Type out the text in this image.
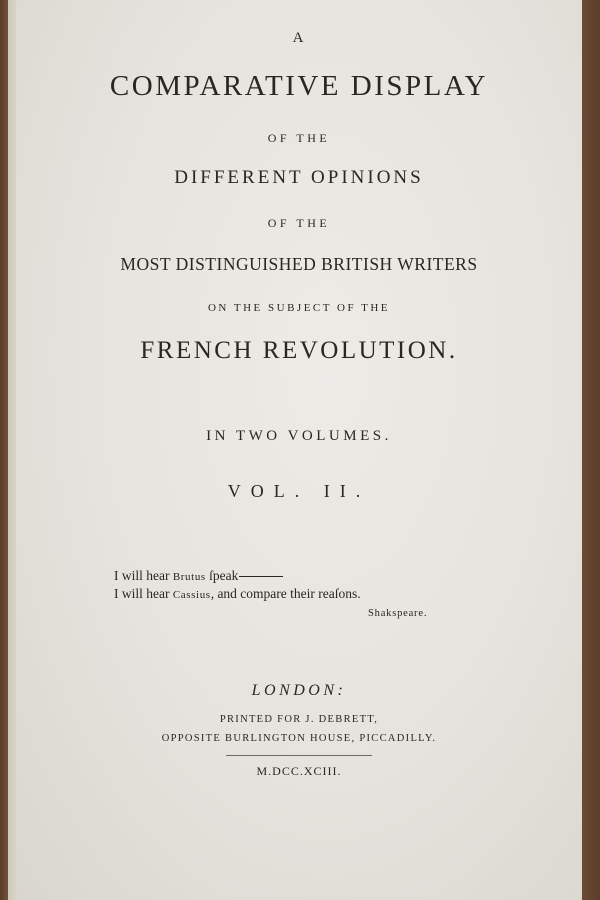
A
COMPARATIVE DISPLAY
OF THE
DIFFERENT OPINIONS
OF THE
MOST DISTINGUISHED BRITISH WRITERS
ON THE SUBJECT OF THE
FRENCH REVOLUTION.
IN TWO VOLUMES.
VOL. II.
I will hear Brutus ſpeak
I will hear Cassius, and compare their reaſons.
Shakspeare.
LONDON:
PRINTED FOR J. DEBRETT,
OPPOSITE BURLINGTON HOUSE, PICCADILLY.
M.DCC.XCIII.
